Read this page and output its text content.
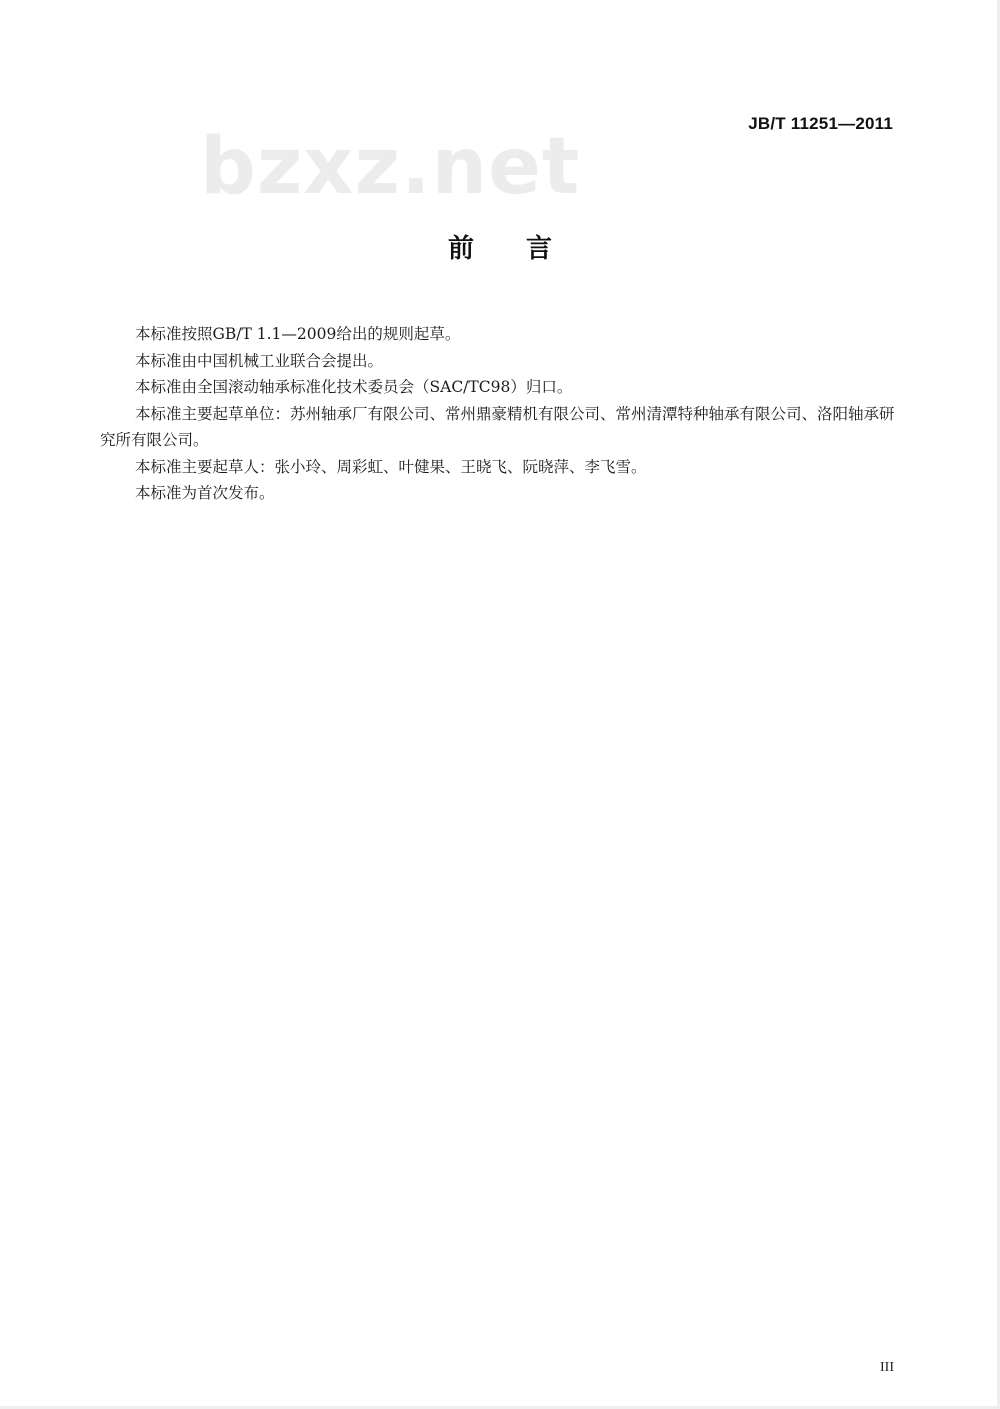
JB/T 11251—2011
bzxz.net
前言

本标准按照GB/T 1.1—2009给出的规则起草。

本标准由中国机械工业联合会提出。

本标准由全国滚动轴承标准化技术委员会（SAC/TC98）归口。

本标准主要起草单位：苏州轴承厂有限公司、常州鼎豪精机有限公司、常州清潭特种轴承有限公司、洛阳轴承研究所有限公司。

本标准主要起草人：张小玲、周彩虹、叶健果、王晓飞、阮晓萍、李飞雪。

本标准为首次发布。

III
